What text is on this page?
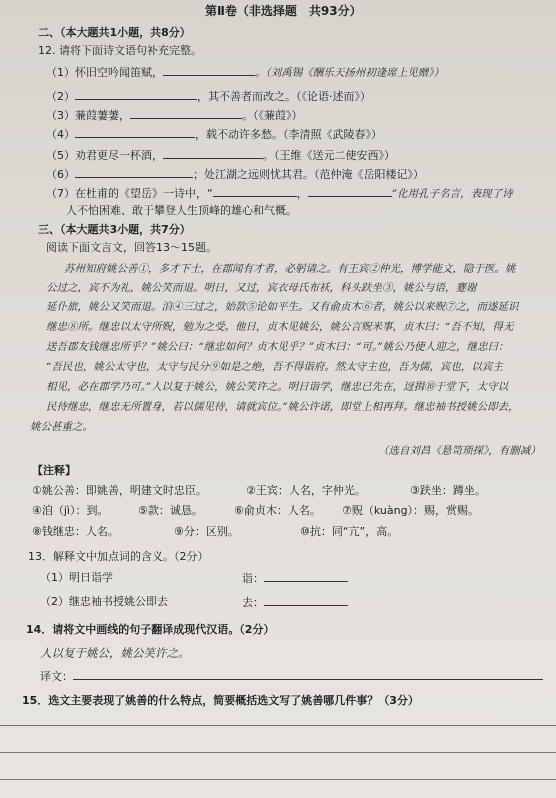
第Ⅱ卷（非选择题　共93分）
二、（本大题共1小题，共8分）
12. 请将下面诗文语句补充完整。
（1）怀旧空吟闻笛赋，	。（刘禹锡《酬乐天扬州初逢席上见赠》）
（2）	，其不善者而改之。（《论语·述而》）
（3）蒹葭萋萋，	。（《蒹葭》）
（4）	，载不动许多愁。（李清照《武陵春》）
（5）劝君更尽一杯酒，	。（王维《送元二使安西》）
（6）	；处江湖之远则忧其君。（范仲淹《岳阳楼记》）
（7）在杜甫的《望岳》一诗中，“	，	”化用孔子名言，表现了诗
人不怕困难、敢于攀登人生顶峰的雄心和气概。
三、（本大题共3小题，共7分）
阅读下面文言文，回答13～15题。
苏州知府姚公善①，多才下士，在郡闻有才者，必躬请之。有王宾②仲光，博学能文，隐于医。姚
公过之，宾不为礼，姚公笑而退。明日，又过，宾衣母氏布袄，科头趺坐③，姚公与语，蹇谢
延仆旅，姚公又笑而退。洎④三过之，始款⑤论如平生。又有俞贞木⑥者，姚公以来贶⑦之，而遂延识
继忠⑧所。继忠以太守所贶，勉为之受。他日，贞木见姚公，姚公言贶米事，贞木曰：“吾不知，得无
送吾郡友钱继忠所乎？”姚公曰：“继忠如何？贞木见乎？”贞木曰：“可。”姚公乃使人迎之，继忠曰：
“吾民也，姚公太守也，太守与民分⑨如是之绝，吾不得诣府。然太守主也，吾为儒，宾也，以宾主
相见，必在郡学乃可。”人以复于姚公，姚公笑许之。明日诣学，继忠已先在，迓揖⑩于堂下，太守以
民待继忠，继忠无所置身，若以儒见待，请就宾位。”姚公许诺，即堂上相再拜。继忠袖书授姚公即去，
姚公甚重之。
（选自刘昌《悬笥琐探》，有删减）
【注释】
①姚公善：即姚善，明建文时忠臣。	②王宾：人名，字仲光。	③趺坐：蹲坐。
④洎（jì）：到。	⑤款：诚恳。	⑥俞贞木：人名。 ⑦贶（kuàng）：赐，赏赐。
⑧钱继忠：人名。	⑨分：区别。	⑩抗：同“亢”，高。
13．解释文中加点词的含义。（2分）
（1）明日诣学	诣：
（2）继忠袖书授姚公即去	去：
14．请将文中画线的句子翻译成现代汉语。（2分）
人以复于姚公，姚公笑许之。
译文：
15．选文主要表现了姚善的什么特点，简要概括选文写了姚善哪几件事？（3分）
